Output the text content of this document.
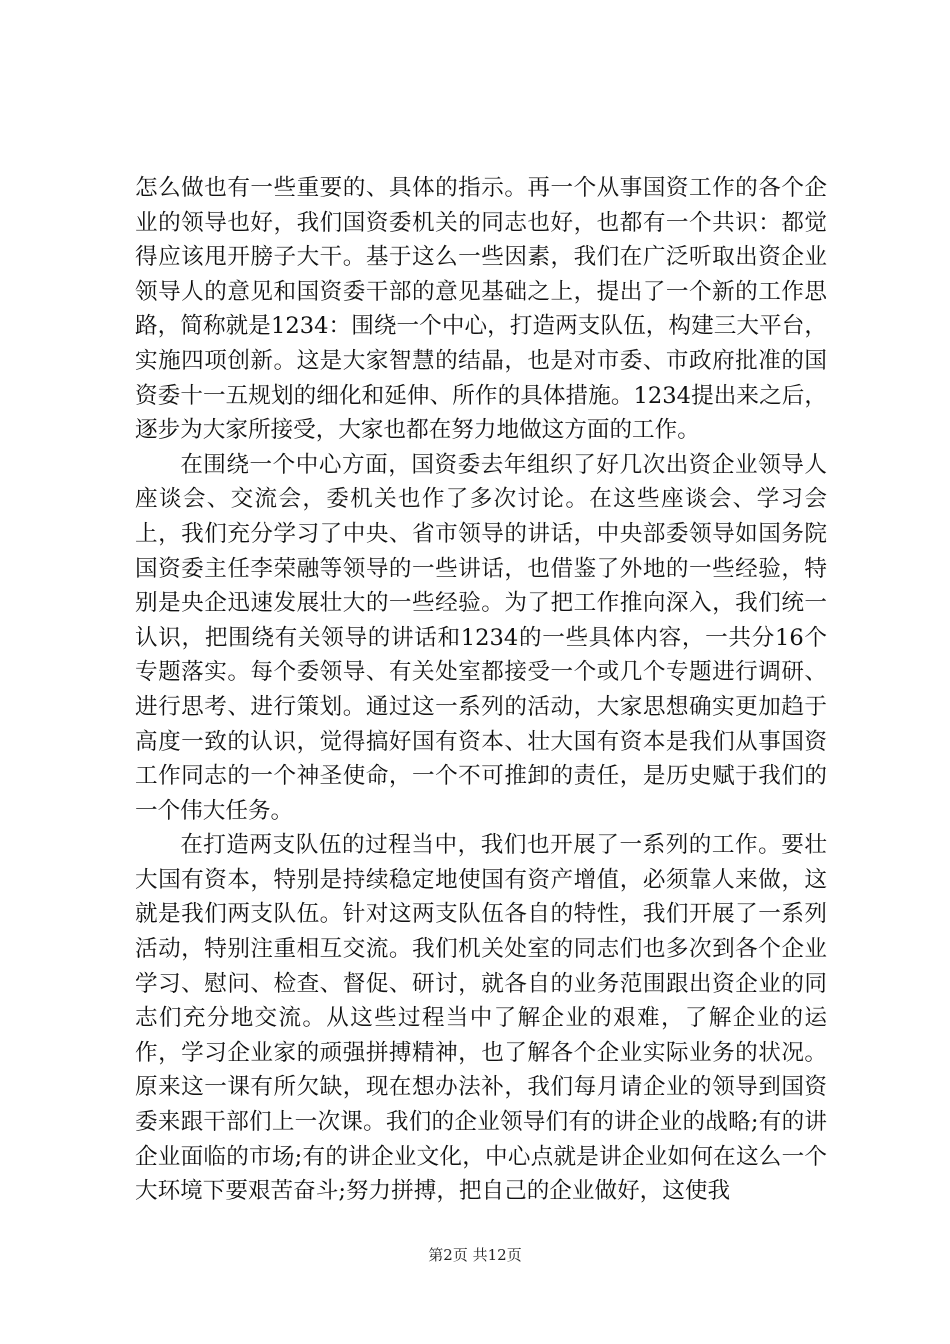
怎么做也有一些重要的、具体的指示。再一个从事国资工作的各个企业的领导也好，我们国资委机关的同志也好，也都有一个共识：都觉得应该甩开膀子大干。基于这么一些因素，我们在广泛听取出资企业领导人的意见和国资委干部的意见基础之上，提出了一个新的工作思路，简称就是1234：围绕一个中心，打造两支队伍，构建三大平台，实施四项创新。这是大家智慧的结晶，也是对市委、市政府批准的国资委十一五规划的细化和延伸、所作的具体措施。1234提出来之后，逐步为大家所接受，大家也都在努力地做这方面的工作。

在围绕一个中心方面，国资委去年组织了好几次出资企业领导人座谈会、交流会，委机关也作了多次讨论。在这些座谈会、学习会上，我们充分学习了中央、省市领导的讲话，中央部委领导如国务院国资委主任李荣融等领导的一些讲话，也借鉴了外地的一些经验，特别是央企迅速发展壮大的一些经验。为了把工作推向深入，我们统一认识，把围绕有关领导的讲话和1234的一些具体内容，一共分16个专题落实。每个委领导、有关处室都接受一个或几个专题进行调研、进行思考、进行策划。通过这一系列的活动，大家思想确实更加趋于高度一致的认识，觉得搞好国有资本、壮大国有资本是我们从事国资工作同志的一个神圣使命，一个不可推卸的责任，是历史赋于我们的一个伟大任务。

在打造两支队伍的过程当中，我们也开展了一系列的工作。要壮大国有资本，特别是持续稳定地使国有资产增值，必须靠人来做，这就是我们两支队伍。针对这两支队伍各自的特性，我们开展了一系列活动，特别注重相互交流。我们机关处室的同志们也多次到各个企业学习、慰问、检查、督促、研讨，就各自的业务范围跟出资企业的同志们充分地交流。从这些过程当中了解企业的艰难，了解企业的运作，学习企业家的顽强拼搏精神，也了解各个企业实际业务的状况。原来这一课有所欠缺，现在想办法补，我们每月请企业的领导到国资委来跟干部们上一次课。我们的企业领导们有的讲企业的战略;有的讲企业面临的市场;有的讲企业文化，中心点就是讲企业如何在这么一个大环境下要艰苦奋斗;努力拼搏，把自己的企业做好，这使我

第2页 共12页
